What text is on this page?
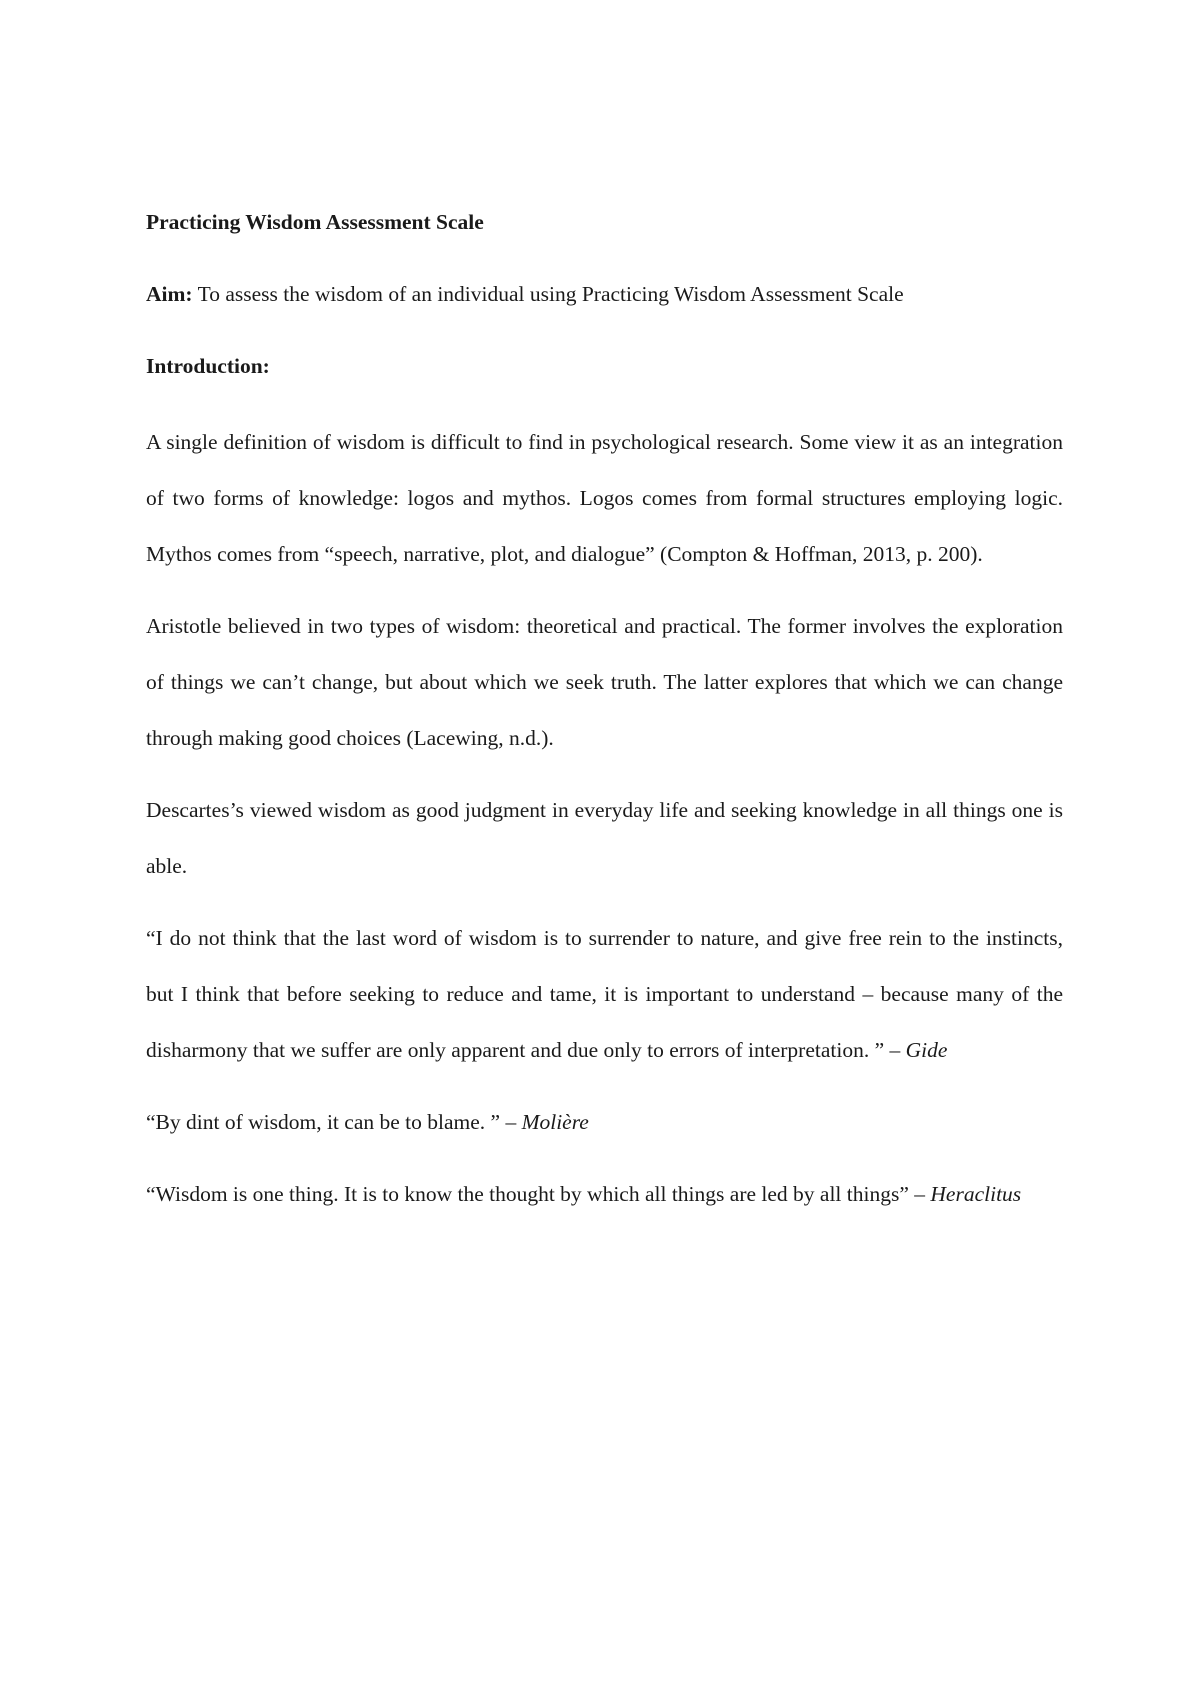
Practicing Wisdom Assessment Scale

Aim: To assess the wisdom of an individual using Practicing Wisdom Assessment Scale

Introduction:

A single definition of wisdom is difficult to find in psychological research. Some view it as an integration of two forms of knowledge: logos and mythos. Logos comes from formal structures employing logic. Mythos comes from “speech, narrative, plot, and dialogue” (Compton & Hoffman, 2013, p. 200).

Aristotle believed in two types of wisdom: theoretical and practical. The former involves the exploration of things we can’t change, but about which we seek truth. The latter explores that which we can change through making good choices (Lacewing, n.d.).

Descartes’s viewed wisdom as good judgment in everyday life and seeking knowledge in all things one is able.

“I do not think that the last word of wisdom is to surrender to nature, and give free rein to the instincts, but I think that before seeking to reduce and tame, it is important to understand – because many of the disharmony that we suffer are only apparent and due only to errors of interpretation. ” – Gide

“By dint of wisdom, it can be to blame. ” – Molière

“Wisdom is one thing. It is to know the thought by which all things are led by all things” – Heraclitus
